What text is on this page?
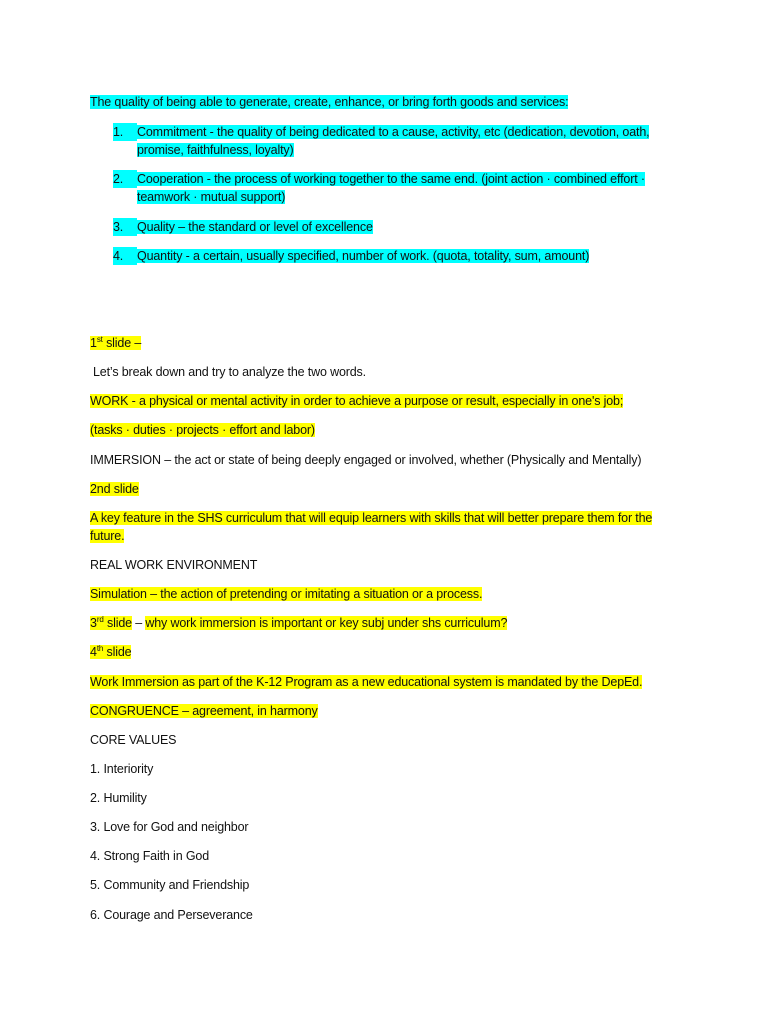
The quality of being able to generate, create, enhance, or bring forth goods and services:
1.	Commitment - the quality of being dedicated to a cause, activity, etc (dedication, devotion, oath, promise, faithfulness, loyalty)
2.	Cooperation - the process of working together to the same end. (joint action · combined effort · teamwork · mutual support)
3.	Quality – the standard or level of excellence
4.	Quantity - a certain, usually specified, number of work. (quota, totality, sum, amount)
1st slide –
Let’s break down and try to analyze the two words.
WORK - a physical or mental activity in order to achieve a purpose or result, especially in one's job;
(tasks · duties · projects · effort and labor)
IMMERSION – the act or state of being deeply engaged or involved, whether (Physically and Mentally)
2nd slide
A key feature in the SHS curriculum that will equip learners with skills that will better prepare them for the future.
REAL WORK ENVIRONMENT
Simulation – the action of pretending or imitating a situation or a process.
3rd slide – why work immersion is important or key subj under shs curriculum?
4th slide
Work Immersion as part of the K-12 Program as a new educational system is mandated by the DepEd.
CONGRUENCE – agreement, in harmony
CORE VALUES
1. Interiority
2. Humility
3. Love for God and neighbor
4. Strong Faith in God
5. Community and Friendship
6. Courage and Perseverance
